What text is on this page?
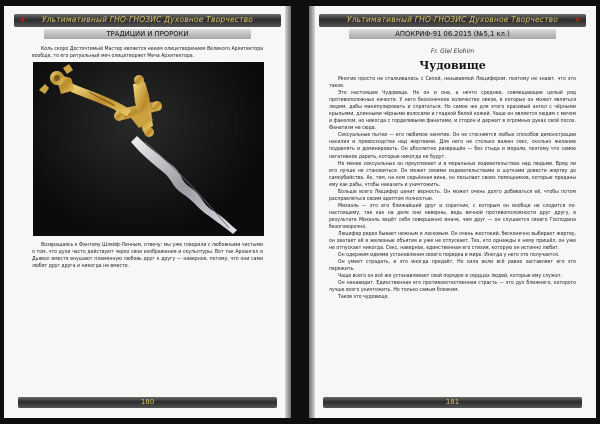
✦	Ультимативный ГНО-ГНОЗИС Духовное Творчество
ТРАДИЦИИ И ПРОРОКИ

Коль скоро Досточтимый Мастер является неким олицетворением Великого Архитектора вообще, то его ритуальный меч олицетворяет Меча Архитектора.

Возвращаясь к Фантому Шлейф-Ленным, отвечу: мы уже говорили с любовными чистыми о том, что духи часто действуют через свои изображения и скульптуры. Вот так Архангел и Дьявол вместе внушают пламенную любовь друг к другу — наверное, потому, что они сами любят друг друга и никогда не вместе.

180
Ультимативный ГНО-ГНОЗИС Духовное Творчество	✦
АПОКРИФ-91 06.2015 (№5,1 кл.)
Fr. Glel Elohim
Чудовище

Многие просто не сталкивались с Силой, называемой Люцифером, поэтому не знают, что это такое.

Это настоящее Чудовище. Не он и она, а нечто среднее, совмещающее целый ряд противоположных качеств. У него бесконечное количество ликов, в которых он может являться людям, дабы манипулировать и спрятаться. Но самое же для этого красивый ангел с чёрными крыльями, длинными чёрными волосами и гладкой белой кожей. Чаще он является людям с мечом и факелом, но никогда с горделивыми фанатами, и сторон и держит в огромных руках свой посох. Фанатизм не сюда.

Сексуальные пытки — его любимое занятие. Он не стесняется любых способов демонстрации насилия и превосходства над жертвами. Для него не столько важен секс, сколько желание подавлять и доминировать. Он абсолютно развращён — без стыда и морали, поэтому что самое негативное дарить, которые никогда не будут.

Не менее сексуальных он преуспевает и в моральных издевательствах над людьми. Вряд ли его лучше не становиться. Он может своими издевательствами и шутками довести жертву до самоубийства. Ах, тем, на ком серьёзная вина, он посылает своих помощников, которые преданы ему как рабы, чтобы наказать и уничтожить.

Больше всего Люцифер ценит верность. Он может очень долго добиваться её, чтобы потом расправляться своим адептом полностью.

Михаэль — это его ближайший друг и соратник, с которым он вообще не сходится по-настоящему, так как на деле они неверны, ведь вечной противоположности друг другу, в результате Михаэль ведёт себя совершенно иначе, чем друг — он слушается своего Господина безоговорочно.

Люцифер редко бывает нежным и ласковым. Он очень жестокий, бесконечно выбирает жертву, он хватает её в железные объятия и уже не отпускает. Тех, кто однажды к нему пришёл, он уже не отпускает никогда. Секс, наверное, единственная его стихия, которую он истинно любит.

Он одержим идеями установления своего порядка в мире. Иногда у него это получается.

Он умеет страдать, и это иногда предаёт. Но сила воли всё равно заставляет его это пережить.

Чаще всего он всё же устанавливает свой порядок в сердцах людей, которые ему служат.

Он ненавидит. Единственная его противоестественная страсть — это дух ближнего, которого лучше всего уничтожить. Но только самым близким.

Таков это чудовище.

181
